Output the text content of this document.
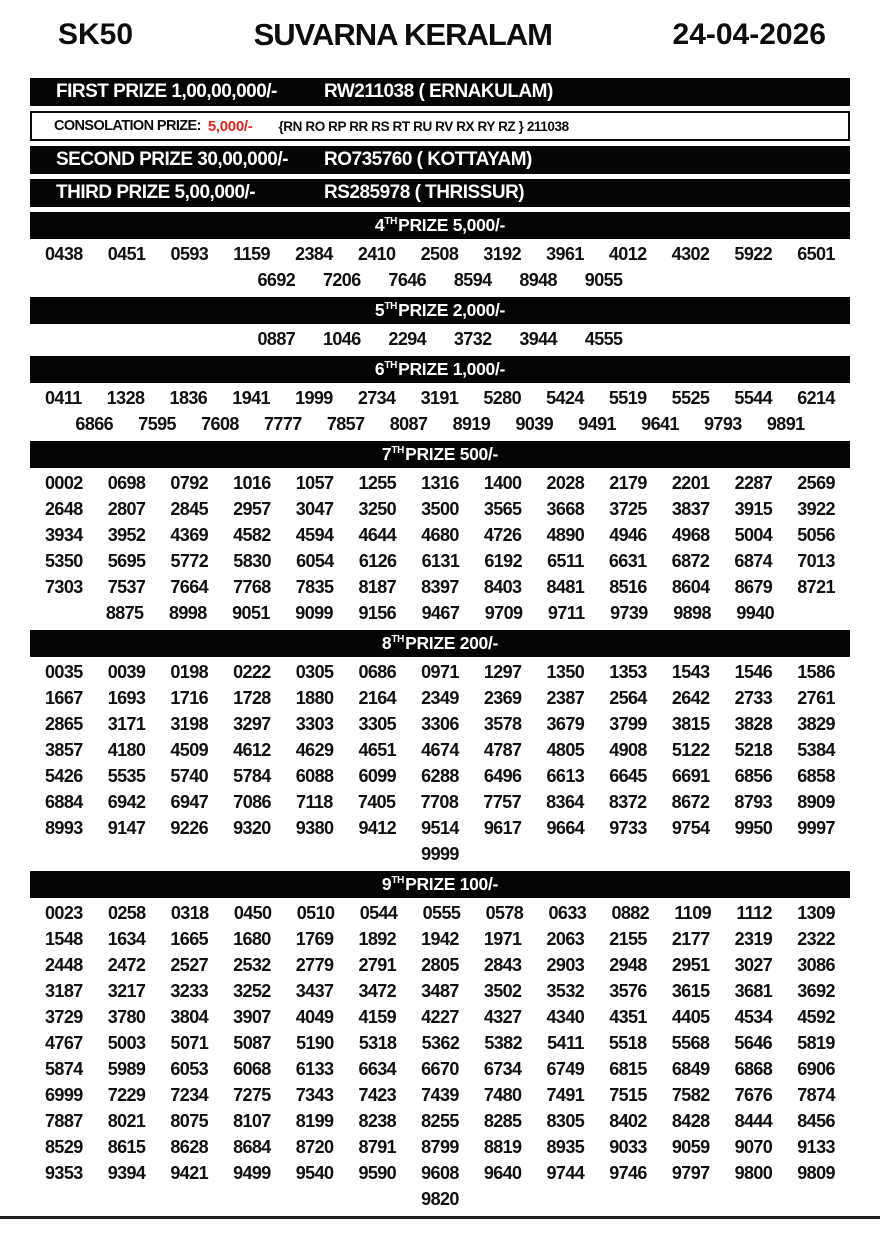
SK50	SUVARNA KERALAM	24-04-2026
FIRST PRIZE 1,00,00,000/-	RW211038 ( ERNAKULAM)
CONSOLATION PRIZE: 5,000/- {RN RO RP RR RS RT RU RV RX RY RZ } 211038
SECOND PRIZE 30,00,000/-	RO735760 ( KOTTAYAM)
THIRD PRIZE 5,00,000/-	RS285978 ( THRISSUR)
4TH PRIZE 5,000/-
0438 0451 0593 1159 2384 2410 2508 3192 3961 4012 4302 5922 6501
6692 7206 7646 8594 8948 9055
5TH PRIZE 2,000/-
0887 1046 2294 3732 3944 4555
6TH PRIZE 1,000/-
0411 1328 1836 1941 1999 2734 3191 5280 5424 5519 5525 5544 6214
6866 7595 7608 7777 7857 8087 8919 9039 9491 9641 9793 9891
7TH PRIZE 500/-
0002 0698 0792 1016 1057 1255 1316 1400 2028 2179 2201 2287 2569
2648 2807 2845 2957 3047 3250 3500 3565 3668 3725 3837 3915 3922
3934 3952 4369 4582 4594 4644 4680 4726 4890 4946 4968 5004 5056
5350 5695 5772 5830 6054 6126 6131 6192 6511 6631 6872 6874 7013
7303 7537 7664 7768 7835 8187 8397 8403 8481 8516 8604 8679 8721
8875 8998 9051 9099 9156 9467 9709 9711 9739 9898 9940
8TH PRIZE 200/-
0035 0039 0198 0222 0305 0686 0971 1297 1350 1353 1543 1546 1586
1667 1693 1716 1728 1880 2164 2349 2369 2387 2564 2642 2733 2761
2865 3171 3198 3297 3303 3305 3306 3578 3679 3799 3815 3828 3829
3857 4180 4509 4612 4629 4651 4674 4787 4805 4908 5122 5218 5384
5426 5535 5740 5784 6088 6099 6288 6496 6613 6645 6691 6856 6858
6884 6942 6947 7086 7118 7405 7708 7757 8364 8372 8672 8793 8909
8993 9147 9226 9320 9380 9412 9514 9617 9664 9733 9754 9950 9997
9999
9TH PRIZE 100/-
0023 0258 0318 0450 0510 0544 0555 0578 0633 0882 1109 1112 1309
1548 1634 1665 1680 1769 1892 1942 1971 2063 2155 2177 2319 2322
2448 2472 2527 2532 2779 2791 2805 2843 2903 2948 2951 3027 3086
3187 3217 3233 3252 3437 3472 3487 3502 3532 3576 3615 3681 3692
3729 3780 3804 3907 4049 4159 4227 4327 4340 4351 4405 4534 4592
4767 5003 5071 5087 5190 5318 5362 5382 5411 5518 5568 5646 5819
5874 5989 6053 6068 6133 6634 6670 6734 6749 6815 6849 6868 6906
6999 7229 7234 7275 7343 7423 7439 7480 7491 7515 7582 7676 7874
7887 8021 8075 8107 8199 8238 8255 8285 8305 8402 8428 8444 8456
8529 8615 8628 8684 8720 8791 8799 8819 8935 9033 9059 9070 9133
9353 9394 9421 9499 9540 9590 9608 9640 9744 9746 9797 9800 9809
9820
